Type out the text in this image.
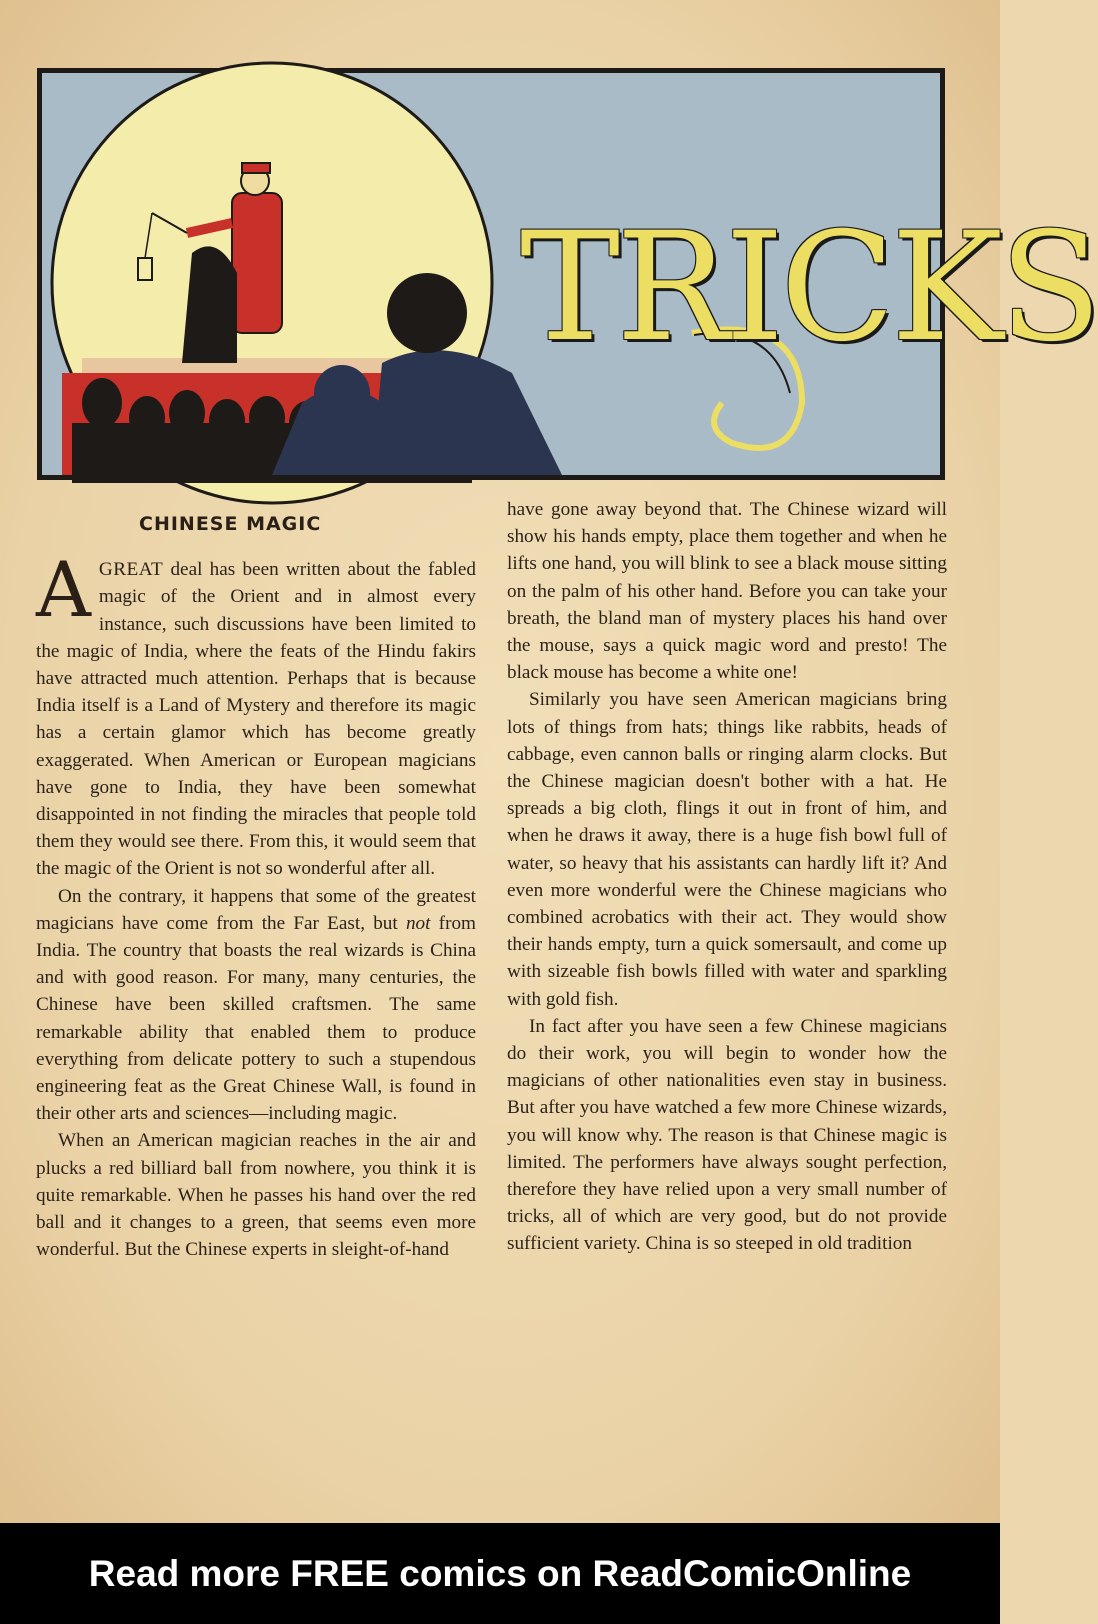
TRICKS
CHINESE MAGIC

AGREAT deal has been written about the fabled magic of the Orient and in almost every instance, such discussions have been limited to the magic of India, where the feats of the Hindu fakirs have attracted much attention. Perhaps that is because India itself is a Land of Mystery and therefore its magic has a certain glamor which has become greatly exaggerated. When American or European magicians have gone to India, they have been somewhat disappointed in not finding the miracles that people told them they would see there. From this, it would seem that the magic of the Orient is not so wonderful after all.

On the contrary, it happens that some of the greatest magicians have come from the Far East, but not from India. The country that boasts the real wizards is China and with good reason. For many, many centuries, the Chinese have been skilled craftsmen. The same remarkable ability that enabled them to produce everything from delicate pottery to such a stupendous engineering feat as the Great Chinese Wall, is found in their other arts and sciences—including magic.

When an American magician reaches in the air and plucks a red billiard ball from nowhere, you think it is quite remarkable. When he passes his hand over the red ball and it changes to a green, that seems even more wonderful. But the Chinese experts in sleight-of-hand

have gone away beyond that. The Chinese wizard will show his hands empty, place them together and when he lifts one hand, you will blink to see a black mouse sitting on the palm of his other hand. Before you can take your breath, the bland man of mystery places his hand over the mouse, says a quick magic word and presto! The black mouse has become a white one!

Similarly you have seen American magicians bring lots of things from hats; things like rabbits, heads of cabbage, even cannon balls or ringing alarm clocks. But the Chinese magician doesn't bother with a hat. He spreads a big cloth, flings it out in front of him, and when he draws it away, there is a huge fish bowl full of water, so heavy that his assistants can hardly lift it? And even more wonderful were the Chinese magicians who combined acrobatics with their act. They would show their hands empty, turn a quick somersault, and come up with sizeable fish bowls filled with water and sparkling with gold fish.

In fact after you have seen a few Chinese magicians do their work, you will begin to wonder how the magicians of other nationalities even stay in business. But after you have watched a few more Chinese wizards, you will know why. The reason is that Chinese magic is limited. The performers have always sought perfection, therefore they have relied upon a very small number of tricks, all of which are very good, but do not provide sufficient variety. China is so steeped in old tradition

Read more FREE comics on ReadComicOnline
